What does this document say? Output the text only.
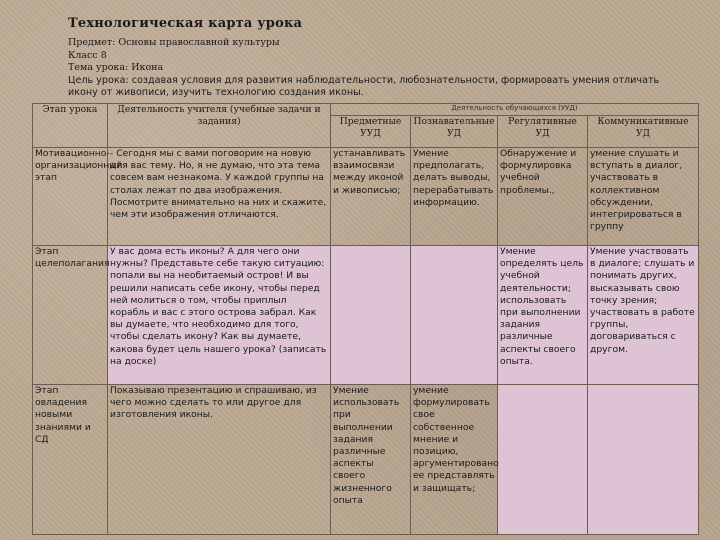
Технологическая карта урока
Предмет: Основы православной культуры
Класс 8
Тема урока: Икона
Цель урока: создавая условия для развития наблюдательности, любознательности, формировать умения отличать
икону от живописи, изучить технологию создания иконы.
Этап урока	Деятельность учителя (учебные задачи и задания)	Деятельность обучающихся (УУД)			
		Предметные УУД	Познавательные УД	Регулятивные УД	Коммуникативные УД
Мотивационно-организационный этап	- Сегодня мы с вами поговорим на новую для вас тему. Но, я не думаю, что эта тема совсем вам незнакома. У каждой группы на столах лежат по два изображения. Посмотрите внимательно на них и скажите, чем эти изображения отличаются.	устанавливать взаимосвязи между иконой и живописью;	Умение предполагать, делать выводы, перерабатывать информацию.	Обнаружение и формулировка учебной проблемы.,	умение слушать и вступать в диалог, участвовать в коллективном обсуждении, интегрироваться в группу
Этап целеполагания	У вас дома есть иконы? А для чего они нужны? Представьте себе такую ситуацию: попали вы на необитаемый остров! И вы решили написать себе икону, чтобы перед ней молиться о том, чтобы приплыл корабль и вас с этого острова забрал. Как вы думаете, что необходимо для того, чтобы сделать икону? Как вы думаете, какова будет цель нашего урока? (записать на доске)			Умение определять цель учебной деятельности; использовать при выполнении задания различные аспекты своего опыта.	Умение участвовать в диалоге; слушать и понимать других, высказывать свою точку зрения; участвовать в работе группы, договариваться с другом.
Этап овладения новыми знаниями и СД	Показываю презентацию и спрашиваю, из чего можно сделать то или другое для изготовления иконы.	Умение использовать при выполнении задания различные аспекты своего жизненного опыта	умение формулировать свое собственное мнение и позицию, аргументировано ее представлять и защищать;		
